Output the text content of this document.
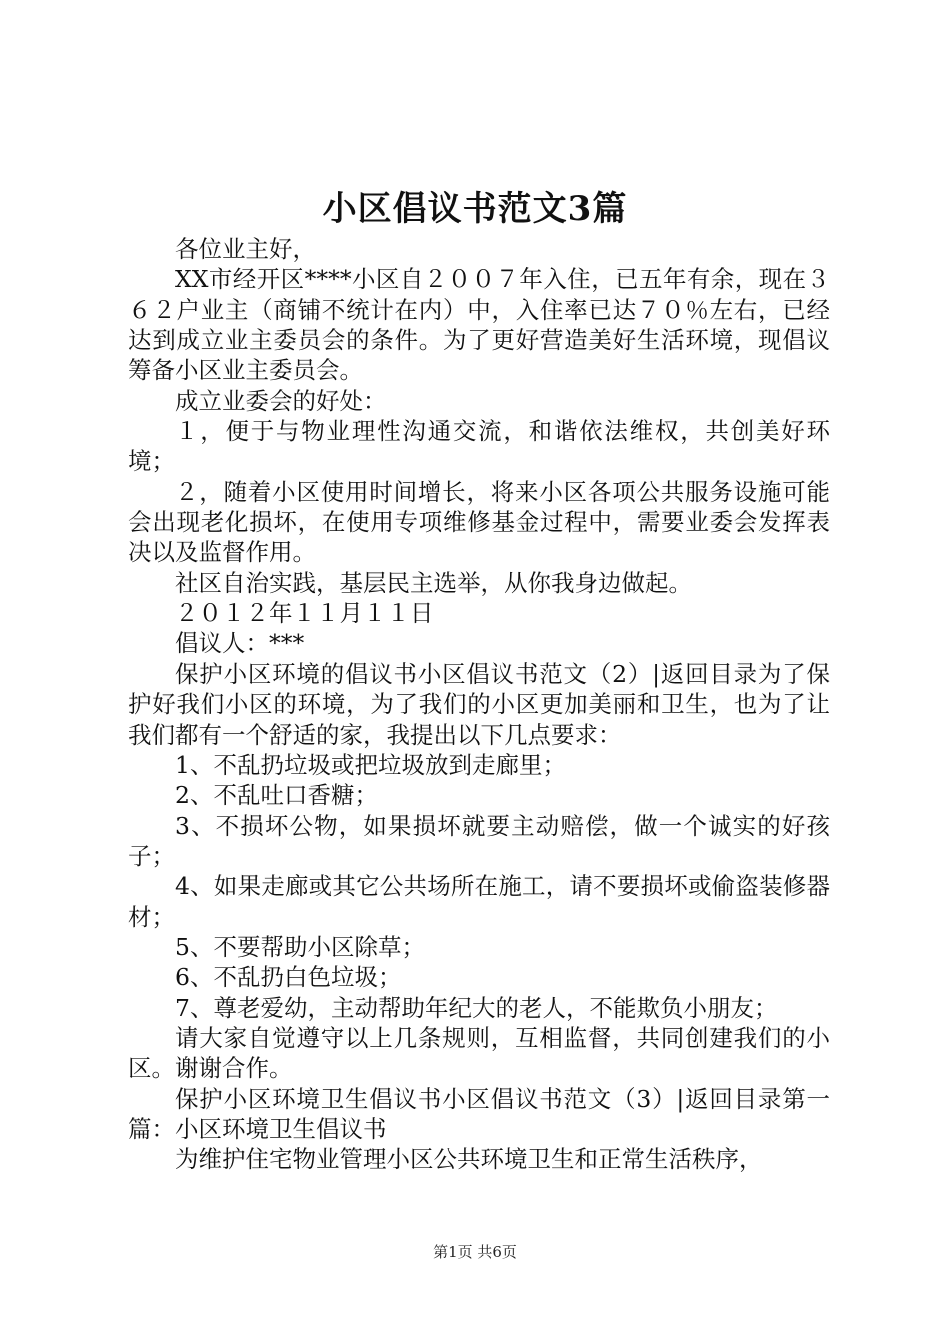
小区倡议书范文3篇

各位业主好，

XX市经开区****小区自２００７年入住，已五年有余，现在３６２户业主（商铺不统计在内）中，入住率已达７０％左右，已经达到成立业主委员会的条件。为了更好营造美好生活环境，现倡议筹备小区业主委员会。

成立业委会的好处：

１，便于与物业理性沟通交流，和谐依法维权，共创美好环境；

２，随着小区使用时间增长，将来小区各项公共服务设施可能会出现老化损坏，在使用专项维修基金过程中，需要业委会发挥表决以及监督作用。

社区自治实践，基层民主选举，从你我身边做起。

２０１２年１１月１１日

倡议人：***

保护小区环境的倡议书小区倡议书范文（2）|返回目录为了保护好我们小区的环境，为了我们的小区更加美丽和卫生，也为了让我们都有一个舒适的家，我提出以下几点要求：

1、不乱扔垃圾或把垃圾放到走廊里；

2、不乱吐口香糖；

3、不损坏公物，如果损坏就要主动赔偿，做一个诚实的好孩子；

4、如果走廊或其它公共场所在施工，请不要损坏或偷盗装修器材；

5、不要帮助小区除草；

6、不乱扔白色垃圾；

7、尊老爱幼，主动帮助年纪大的老人，不能欺负小朋友；

请大家自觉遵守以上几条规则，互相监督，共同创建我们的小区。谢谢合作。

保护小区环境卫生倡议书小区倡议书范文（3）|返回目录第一篇：小区环境卫生倡议书

为维护住宅物业管理小区公共环境卫生和正常生活秩序，

第1页 共6页
